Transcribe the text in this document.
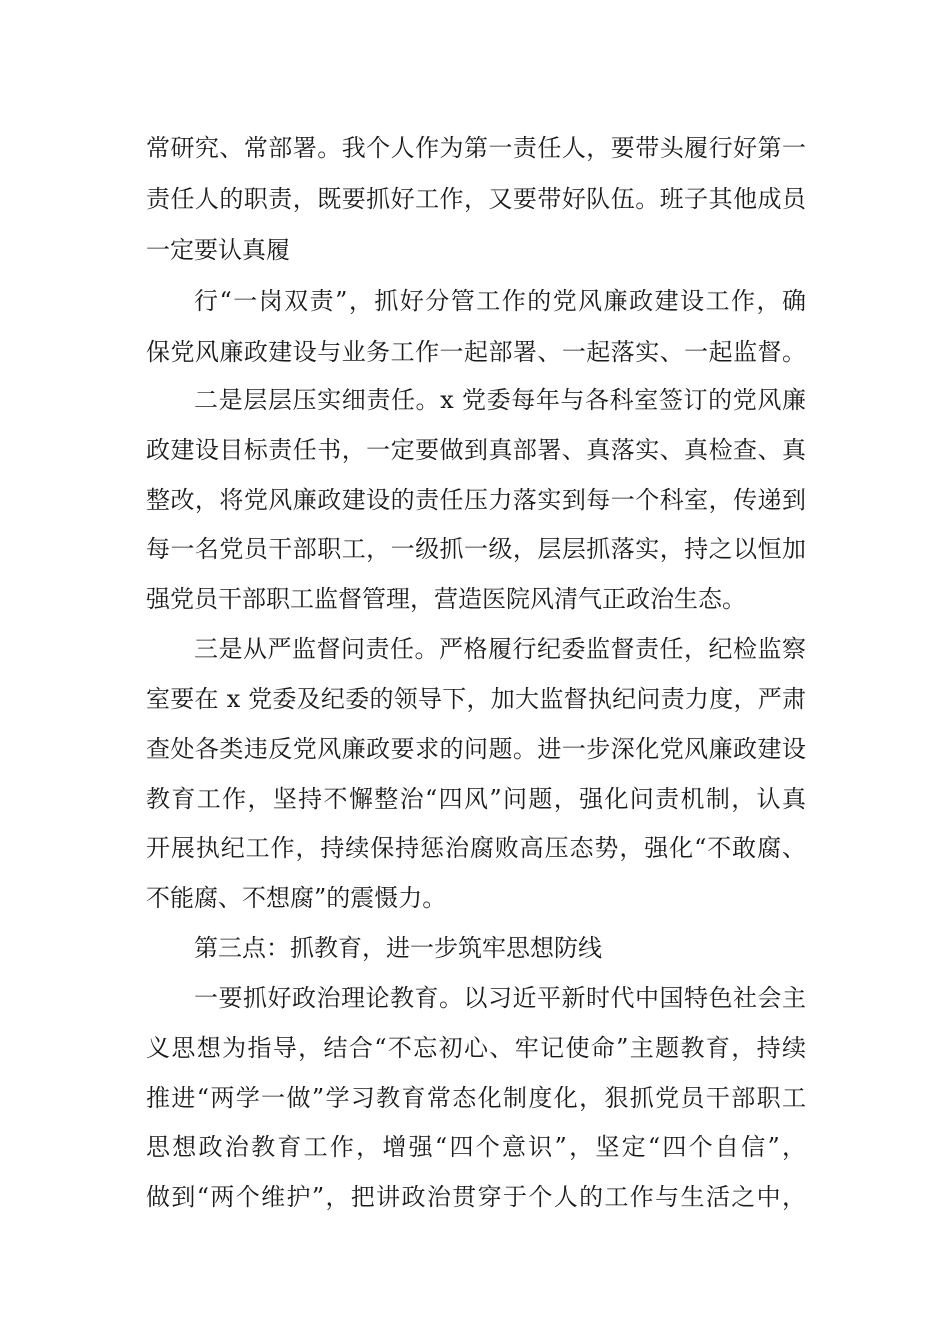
常研究、常部署。我个人作为第一责任人，要带头履行好第一
责任人的职责，既要抓好工作，又要带好队伍。班子其他成员
一定要认真履
行“一岗双责”，抓好分管工作的党风廉政建设工作，确
保党风廉政建设与业务工作一起部署、一起落实、一起监督。
二是层层压实细责任。x 党委每年与各科室签订的党风廉
政建设目标责任书，一定要做到真部署、真落实、真检查、真
整改，将党风廉政建设的责任压力落实到每一个科室，传递到
每一名党员干部职工，一级抓一级，层层抓落实，持之以恒加
强党员干部职工监督管理，营造医院风清气正政治生态。
三是从严监督问责任。严格履行纪委监督责任，纪检监察
室要在 x 党委及纪委的领导下，加大监督执纪问责力度，严肃
查处各类违反党风廉政要求的问题。进一步深化党风廉政建设
教育工作，坚持不懈整治“四风”问题，强化问责机制，认真
开展执纪工作，持续保持惩治腐败高压态势，强化“不敢腐、
不能腐、不想腐”的震慑力。
第三点：抓教育，进一步筑牢思想防线
一要抓好政治理论教育。以习近平新时代中国特色社会主
义思想为指导，结合“不忘初心、牢记使命”主题教育，持续
推进“两学一做”学习教育常态化制度化，狠抓党员干部职工
思想政治教育工作，增强“四个意识”，坚定“四个自信”，
做到“两个维护”，把讲政治贯穿于个人的工作与生活之中，
